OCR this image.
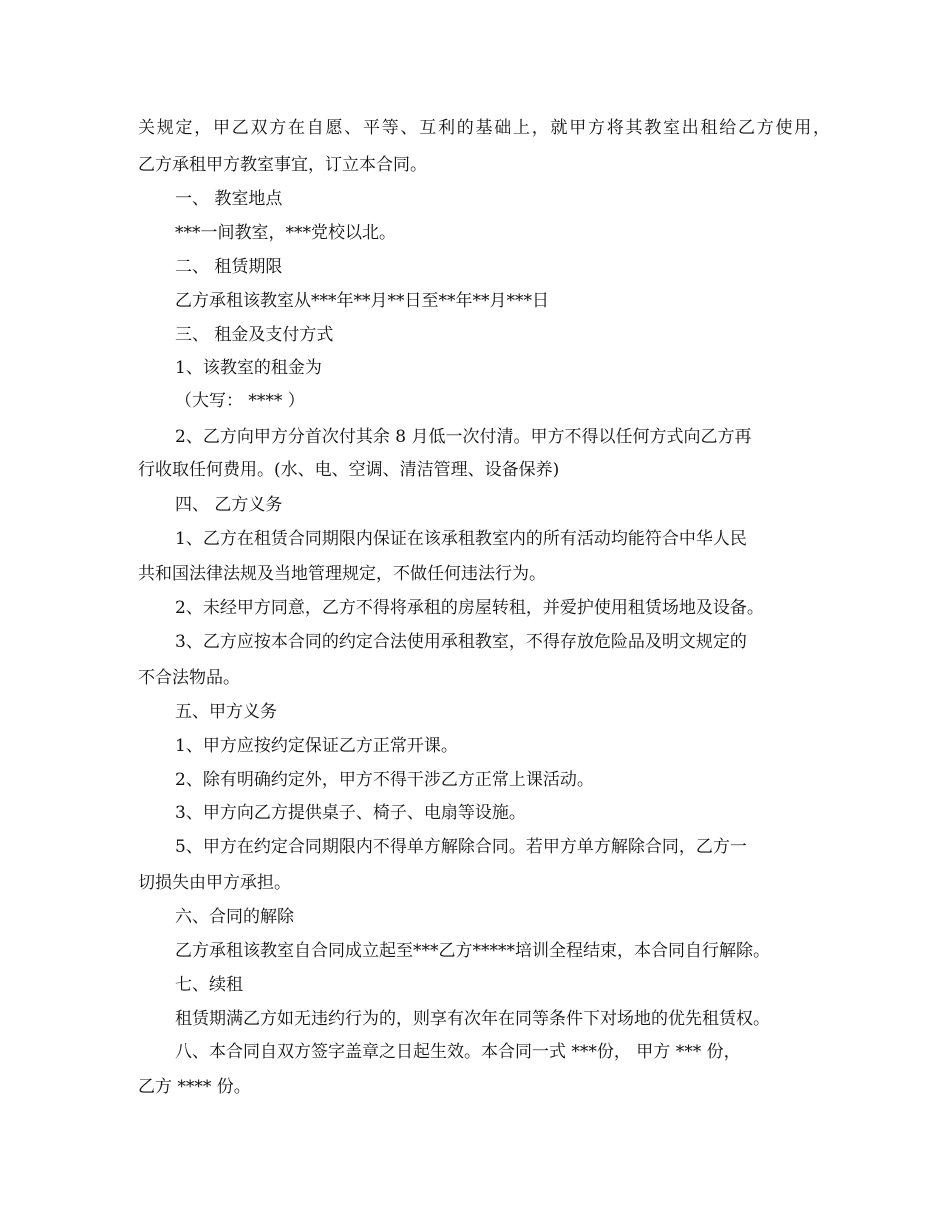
关规定，甲乙双方在自愿、平等、互利的基础上，就甲方将其教室出租给乙方使用，
乙方承租甲方教室事宜，订立本合同。
一、 教室地点
***一间教室，***党校以北。
二、 租赁期限
乙方承租该教室从***年**月**日至**年**月***日
三、 租金及支付方式
1、该教室的租金为
（大写： **** ）
2、乙方向甲方分首次付其余 8 月低一次付清。甲方不得以任何方式向乙方再
行收取任何费用。(水、电、空调、清洁管理、设备保养)
四、 乙方义务
1、乙方在租赁合同期限内保证在该承租教室内的所有活动均能符合中华人民
共和国法律法规及当地管理规定，不做任何违法行为。
2、未经甲方同意，乙方不得将承租的房屋转租，并爱护使用租赁场地及设备。
3、乙方应按本合同的约定合法使用承租教室，不得存放危险品及明文规定的
不合法物品。
五、甲方义务
1、甲方应按约定保证乙方正常开课。
2、除有明确约定外，甲方不得干涉乙方正常上课活动。
3、甲方向乙方提供桌子、椅子、电扇等设施。
5、甲方在约定合同期限内不得单方解除合同。若甲方单方解除合同，乙方一
切损失由甲方承担。
六、合同的解除
乙方承租该教室自合同成立起至***乙方*****培训全程结束，本合同自行解除。
七、续租
租赁期满乙方如无违约行为的，则享有次年在同等条件下对场地的优先租赁权。
八、本合同自双方签字盖章之日起生效。本合同一式 ***份， 甲方 *** 份，
乙方 **** 份。
